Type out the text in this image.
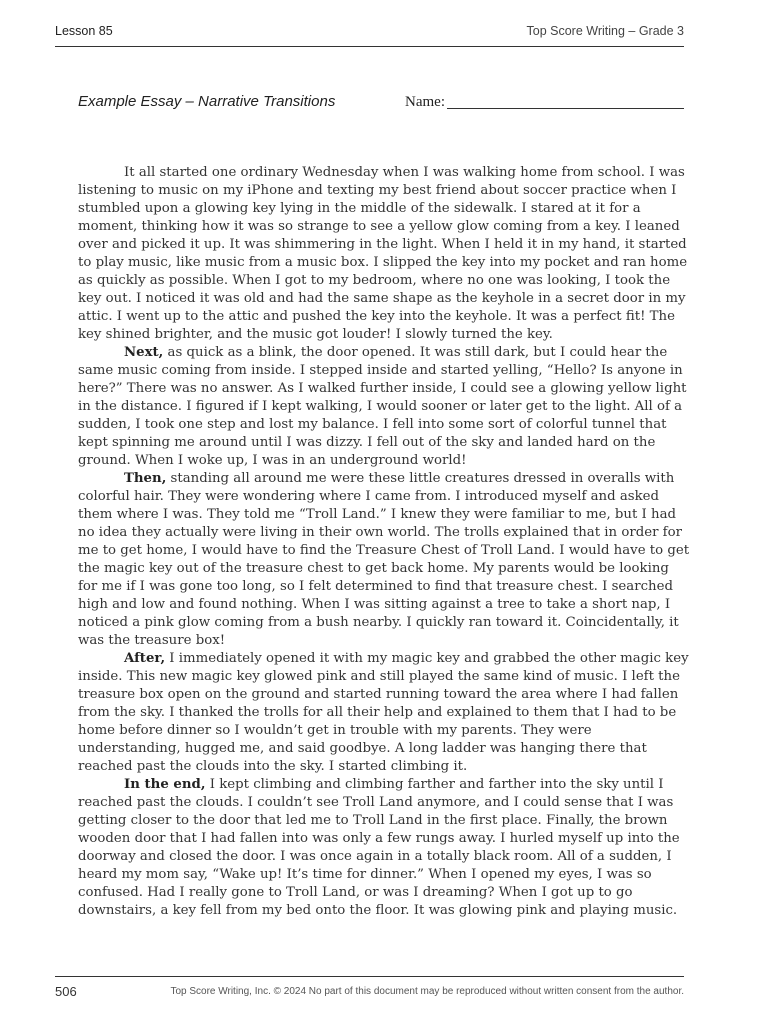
Lesson 85	Top Score Writing – Grade 3
Example Essay – Narrative Transitions	Name:

It all started one ordinary Wednesday when I was walking home from school. I was listening to music on my iPhone and texting my best friend about soccer practice when I stumbled upon a glowing key lying in the middle of the sidewalk. I stared at it for a moment, thinking how it was so strange to see a yellow glow coming from a key. I leaned over and picked it up. It was shimmering in the light. When I held it in my hand, it started to play music, like music from a music box. I slipped the key into my pocket and ran home as quickly as possible. When I got to my bedroom, where no one was looking, I took the key out. I noticed it was old and had the same shape as the keyhole in a secret door in my attic. I went up to the attic and pushed the key into the keyhole. It was a perfect fit! The key shined brighter, and the music got louder! I slowly turned the key.

Next, as quick as a blink, the door opened. It was still dark, but I could hear the same music coming from inside. I stepped inside and started yelling, “Hello? Is anyone in here?” There was no answer. As I walked further inside, I could see a glowing yellow light in the distance. I figured if I kept walking, I would sooner or later get to the light. All of a sudden, I took one step and lost my balance. I fell into some sort of colorful tunnel that kept spinning me around until I was dizzy. I fell out of the sky and landed hard on the ground. When I woke up, I was in an underground world!

Then, standing all around me were these little creatures dressed in overalls with colorful hair. They were wondering where I came from. I introduced myself and asked them where I was. They told me “Troll Land.” I knew they were familiar to me, but I had no idea they actually were living in their own world. The trolls explained that in order for me to get home, I would have to find the Treasure Chest of Troll Land. I would have to get the magic key out of the treasure chest to get back home. My parents would be looking for me if I was gone too long, so I felt determined to find that treasure chest. I searched high and low and found nothing. When I was sitting against a tree to take a short nap, I noticed a pink glow coming from a bush nearby. I quickly ran toward it. Coincidentally, it was the treasure box!

After, I immediately opened it with my magic key and grabbed the other magic key inside. This new magic key glowed pink and still played the same kind of music. I left the treasure box open on the ground and started running toward the area where I had fallen from the sky. I thanked the trolls for all their help and explained to them that I had to be home before dinner so I wouldn’t get in trouble with my parents. They were understanding, hugged me, and said goodbye. A long ladder was hanging there that reached past the clouds into the sky. I started climbing it.

In the end, I kept climbing and climbing farther and farther into the sky until I reached past the clouds. I couldn’t see Troll Land anymore, and I could sense that I was getting closer to the door that led me to Troll Land in the first place. Finally, the brown wooden door that I had fallen into was only a few rungs away. I hurled myself up into the doorway and closed the door. I was once again in a totally black room. All of a sudden, I heard my mom say, “Wake up! It’s time for dinner.” When I opened my eyes, I was so confused. Had I really gone to Troll Land, or was I dreaming? When I got up to go downstairs, a key fell from my bed onto the floor. It was glowing pink and playing music.

506	Top Score Writing, Inc. © 2024 No part of this document may be reproduced without written consent from the author.
